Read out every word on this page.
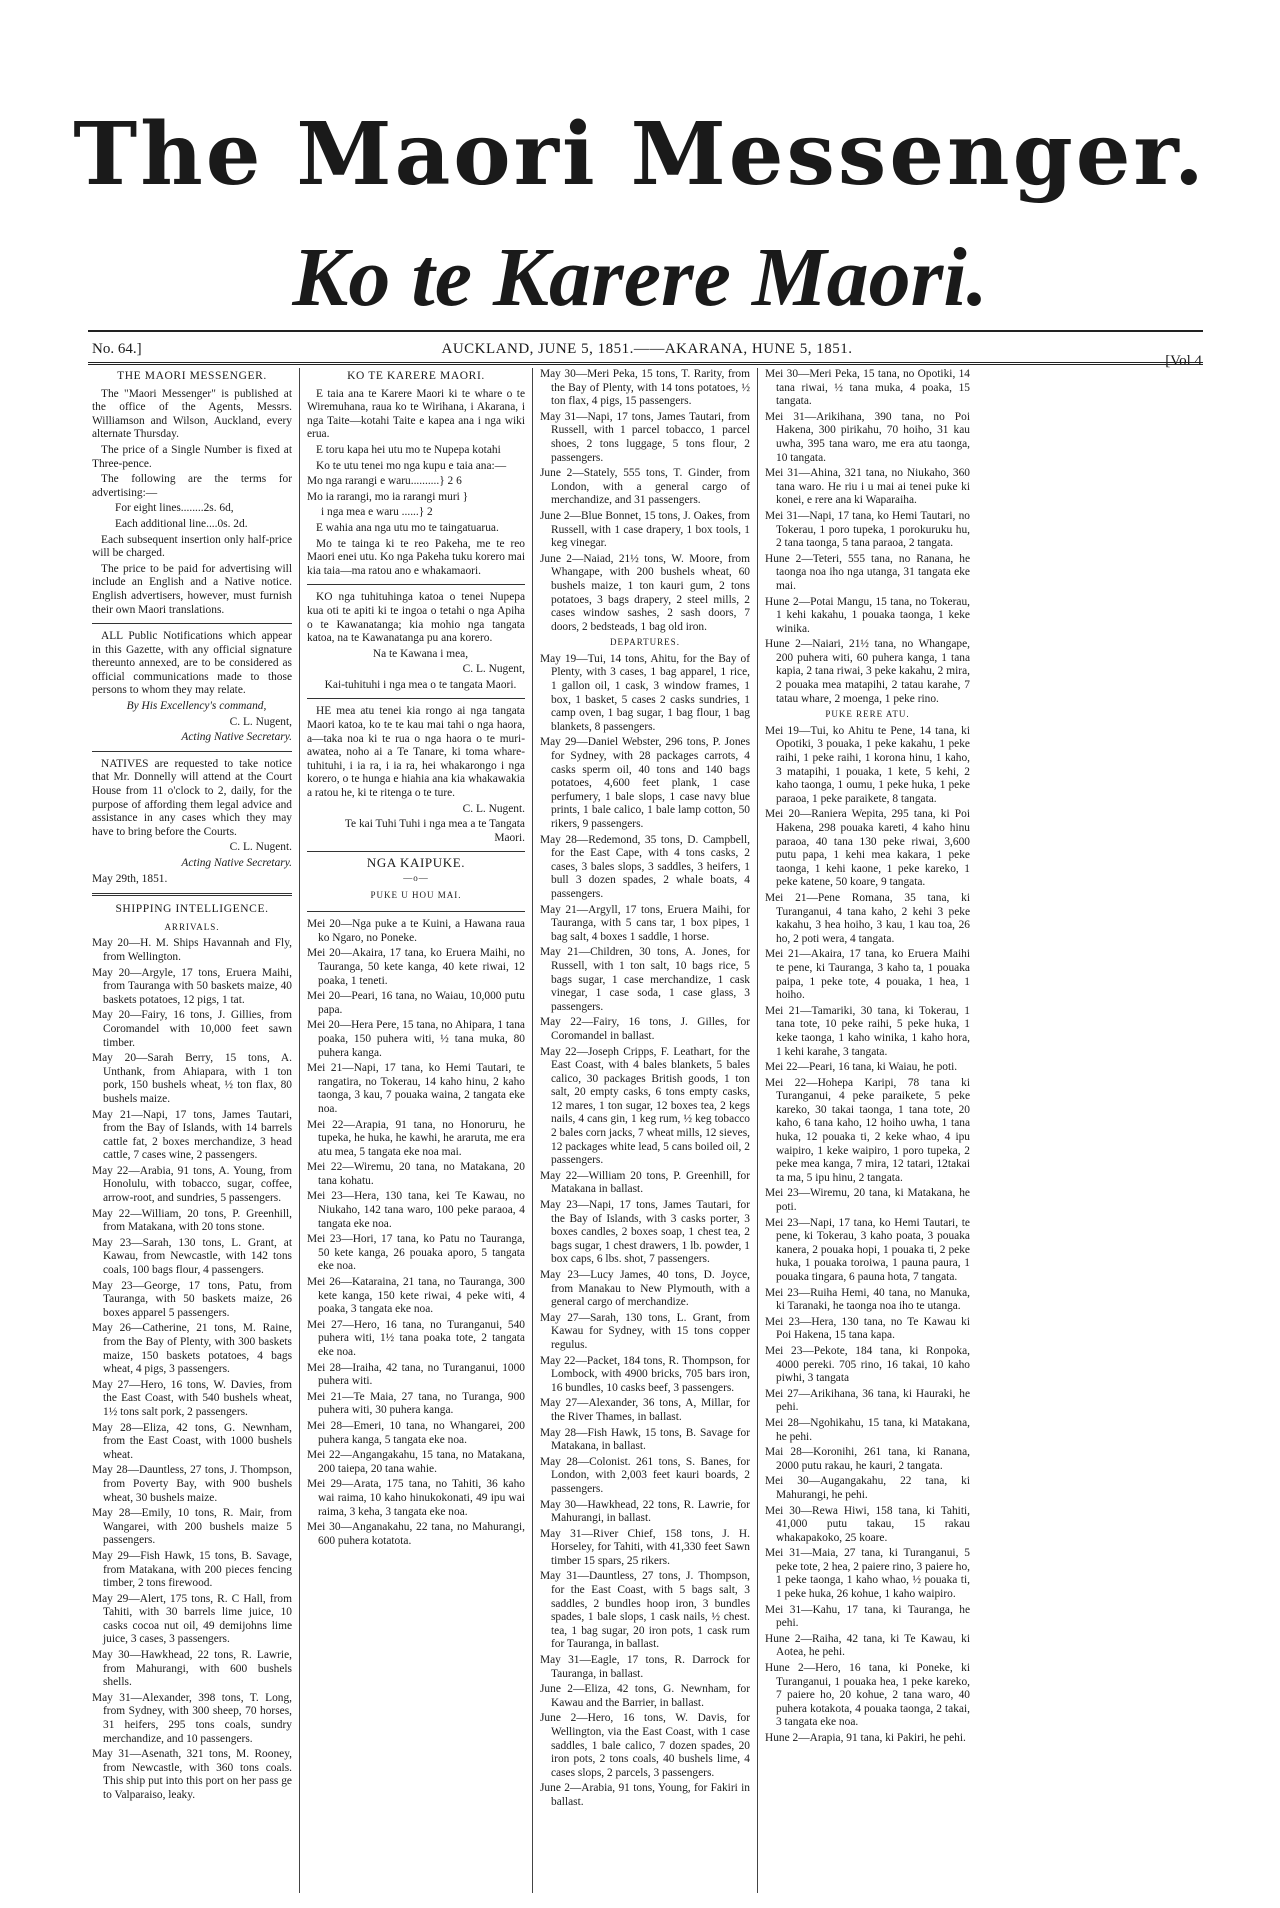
The Maori Messenger.
Ko te Karere Maori.
No. 64.]	AUCKLAND, JUNE 5, 1851.——AKARANA, HUNE 5, 1851.
[Vol 4
THE MAORI MESSENGER.

The "Maori Messenger" is published at the office of the Agents, Messrs. Williamson and Wilson, Auckland, every alternate Thursday.

The price of a Single Number is fixed at Three-pence.

The following are the terms for advertising:—

For eight lines........2s. 6d,

Each additional line....0s. 2d.

Each subsequent insertion only half-price will be charged.

The price to be paid for advertising will include an English and a Native notice. English advertisers, however, must furnish their own Maori translations.

ALL Public Notifications which appear in this Gazette, with any official signature thereunto annexed, are to be considered as official communications made to those persons to whom they may relate.

By His Excellency's command,

C. L. Nugent,

Acting Native Secretary.

NATIVES are requested to take notice that Mr. Donnelly will attend at the Court House from 11 o'clock to 2, daily, for the purpose of affording them legal advice and assistance in any cases which they may have to bring before the Courts.

C. L. Nugent.

Acting Native Secretary.

May 29th, 1851.

SHIPPING INTELLIGENCE.
ARRIVALS.

May 20—H. M. Ships Havannah and Fly, from Wellington.

May 20—Argyle, 17 tons, Eruera Maihi, from Tauranga with 50 baskets maize, 40 baskets potatoes, 12 pigs, 1 tat.

May 20—Fairy, 16 tons, J. Gillies, from Coromandel with 10,000 feet sawn timber.

May 20—Sarah Berry, 15 tons, A. Unthank, from Ahiapara, with 1 ton pork, 150 bushels wheat, ½ ton flax, 80 bushels maize.

May 21—Napi, 17 tons, James Tautari, from the Bay of Islands, with 14 barrels cattle fat, 2 boxes merchandize, 3 head cattle, 7 cases wine, 2 passengers.

May 22—Arabia, 91 tons, A. Young, from Honolulu, with tobacco, sugar, coffee, arrow-root, and sundries, 5 passengers.

May 22—William, 20 tons, P. Greenhill, from Matakana, with 20 tons stone.

May 23—Sarah, 130 tons, L. Grant, at Kawau, from Newcastle, with 142 tons coals, 100 bags flour, 4 passengers.

May 23—George, 17 tons, Patu, from Tauranga, with 50 baskets maize, 26 boxes apparel 5 passengers.

May 26—Catherine, 21 tons, M. Raine, from the Bay of Plenty, with 300 baskets maize, 150 baskets potatoes, 4 bags wheat, 4 pigs, 3 passengers.

May 27—Hero, 16 tons, W. Davies, from the East Coast, with 540 bushels wheat, 1½ tons salt pork, 2 passengers.

May 28—Eliza, 42 tons, G. Newnham, from the East Coast, with 1000 bushels wheat.

May 28—Dauntless, 27 tons, J. Thompson, from Poverty Bay, with 900 bushels wheat, 30 bushels maize.

May 28—Emily, 10 tons, R. Mair, from Wangarei, with 200 bushels maize 5 passengers.

May 29—Fish Hawk, 15 tons, B. Savage, from Matakana, with 200 pieces fencing timber, 2 tons firewood.

May 29—Alert, 175 tons, R. C Hall, from Tahiti, with 30 barrels lime juice, 10 casks cocoa nut oil, 49 demijohns lime juice, 3 cases, 3 passengers.

May 30—Hawkhead, 22 tons, R. Lawrie, from Mahurangi, with 600 bushels shells.

May 31—Alexander, 398 tons, T. Long, from Sydney, with 300 sheep, 70 horses, 31 heifers, 295 tons coals, sundry merchandize, and 10 passengers.

May 31—Asenath, 321 tons, M. Rooney, from Newcastle, with 360 tons coals. This ship put into this port on her pass ge to Valparaiso, leaky.

KO TE KARERE MAORI.

E taia ana te Karere Maori ki te whare o te Wiremuhana, raua ko te Wirihana, i Akarana, i nga Taite—kotahi Taite e kapea ana i nga wiki erua.

E toru kapa hei utu mo te Nupepa kotahi

Ko te utu tenei mo nga kupu e taia ana:—

Mo nga rarangi e waru..........} 2 6

Mo ia rarangi, mo ia rarangi muri }

i nga mea e waru ......} 2

E wahia ana nga utu mo te taingatuarua.

Mo te tainga ki te reo Pakeha, me te reo Maori enei utu. Ko nga Pakeha tuku korero mai kia taia—ma ratou ano e whakamaori.

KO nga tuhituhinga katoa o tenei Nupepa kua oti te apiti ki te ingoa o tetahi o nga Apiha o te Kawanatanga; kia mohio nga tangata katoa, na te Kawanatanga pu ana korero.

Na te Kawana i mea,

C. L. Nugent,

Kai-tuhituhi i nga mea o te tangata Maori.

HE mea atu tenei kia rongo ai nga tangata Maori katoa, ko te te kau mai tahi o nga haora, a—taka noa ki te rua o nga haora o te muri-awatea, noho ai a Te Tanare, ki toma whare-tuhituhi, i ia ra, i ia ra, hei whakarongo i nga korero, o te hunga e hiahia ana kia whakawakia a ratou he, ki te ritenga o te ture.

C. L. Nugent.

Te kai Tuhi Tuhi i nga mea a te Tangata Maori.

NGA KAIPUKE.
—o—
PUKE U HOU MAI.

Mei 20—Nga puke a te Kuini, a Hawana raua ko Ngaro, no Poneke.

Mei 20—Akaira, 17 tana, ko Eruera Maihi, no Tauranga, 50 kete kanga, 40 kete riwai, 12 poaka, 1 teneti.

Mei 20—Peari, 16 tana, no Waiau, 10,000 putu papa.

Mei 20—Hera Pere, 15 tana, no Ahipara, 1 tana poaka, 150 puhera witi, ½ tana muka, 80 puhera kanga.

Mei 21—Napi, 17 tana, ko Hemi Tautari, te rangatira, no Tokerau, 14 kaho hinu, 2 kaho taonga, 3 kau, 7 pouaka waina, 2 tangata eke noa.

Mei 22—Arapia, 91 tana, no Honoruru, he tupeka, he huka, he kawhi, he araruta, me era atu mea, 5 tangata eke noa mai.

Mei 22—Wiremu, 20 tana, no Matakana, 20 tana kohatu.

Mei 23—Hera, 130 tana, kei Te Kawau, no Niukaho, 142 tana waro, 100 peke paraoa, 4 tangata eke noa.

Mei 23—Hori, 17 tana, ko Patu no Tauranga, 50 kete kanga, 26 pouaka aporo, 5 tangata eke noa.

Mei 26—Kataraina, 21 tana, no Tauranga, 300 kete kanga, 150 kete riwai, 4 peke witi, 4 poaka, 3 tangata eke noa.

Mei 27—Hero, 16 tana, no Turanganui, 540 puhera witi, 1½ tana poaka tote, 2 tangata eke noa.

Mei 28—Iraiha, 42 tana, no Turanganui, 1000 puhera witi.

Mei 21—Te Maia, 27 tana, no Turanga, 900 puhera witi, 30 puhera kanga.

Mei 28—Emeri, 10 tana, no Whangarei, 200 puhera kanga, 5 tangata eke noa.

Mei 22—Angangakahu, 15 tana, no Matakana, 200 taiepa, 20 tana wahie.

Mei 29—Arata, 175 tana, no Tahiti, 36 kaho wai raima, 10 kaho hinukokonati, 49 ipu wai raima, 3 keha, 3 tangata eke noa.

Mei 30—Anganakahu, 22 tana, no Mahurangi, 600 puhera kotatota.

May 30—Meri Peka, 15 tons, T. Rarity, from the Bay of Plenty, with 14 tons potatoes, ½ ton flax, 4 pigs, 15 passengers.

May 31—Napi, 17 tons, James Tautari, from Russell, with 1 parcel tobacco, 1 parcel shoes, 2 tons luggage, 5 tons flour, 2 passengers.

June 2—Stately, 555 tons, T. Ginder, from London, with a general cargo of merchandize, and 31 passengers.

June 2—Blue Bonnet, 15 tons, J. Oakes, from Russell, with 1 case drapery, 1 box tools, 1 keg vinegar.

June 2—Naiad, 21½ tons, W. Moore, from Whangape, with 200 bushels wheat, 60 bushels maize, 1 ton kauri gum, 2 tons potatoes, 3 bags drapery, 2 steel mills, 2 cases window sashes, 2 sash doors, 7 doors, 2 bedsteads, 1 bag old iron.

DEPARTURES.

May 19—Tui, 14 tons, Ahitu, for the Bay of Plenty, with 3 cases, 1 bag apparel, 1 rice, 1 gallon oil, 1 cask, 3 window frames, 1 box, 1 basket, 5 cases 2 casks sundries, 1 camp oven, 1 bag sugar, 1 bag flour, 1 bag blankets, 8 passengers.

May 29—Daniel Webster, 296 tons, P. Jones for Sydney, with 28 packages carrots, 4 casks sperm oil, 40 tons and 140 bags potatoes, 4,600 feet plank, 1 case perfumery, 1 bale slops, 1 case navy blue prints, 1 bale calico, 1 bale lamp cotton, 50 rikers, 9 passengers.

May 28—Redemond, 35 tons, D. Campbell, for the East Cape, with 4 tons casks, 2 cases, 3 bales slops, 3 saddles, 3 heifers, 1 bull 3 dozen spades, 2 whale boats, 4 passengers.

May 21—Argyll, 17 tons, Eruera Maihi, for Tauranga, with 5 cans tar, 1 box pipes, 1 bag salt, 4 boxes 1 saddle, 1 horse.

May 21—Children, 30 tons, A. Jones, for Russell, with 1 ton salt, 10 bags rice, 5 bags sugar, 1 case merchandize, 1 cask vinegar, 1 case soda, 1 case glass, 3 passengers.

May 22—Fairy, 16 tons, J. Gilles, for Coromandel in ballast.

May 22—Joseph Cripps, F. Leathart, for the East Coast, with 4 bales blankets, 5 bales calico, 30 packages British goods, 1 ton salt, 20 empty casks, 6 tons empty casks, 12 mares, 1 ton sugar, 12 boxes tea, 2 kegs nails, 4 cans gin, 1 keg rum, ½ keg tobacco 2 bales corn jacks, 7 wheat mills, 12 sieves, 12 packages white lead, 5 cans boiled oil, 2 passengers.

May 22—William 20 tons, P. Greenhill, for Matakana in ballast.

May 23—Napi, 17 tons, James Tautari, for the Bay of Islands, with 3 casks porter, 3 boxes candles, 2 boxes soap, 1 chest tea, 2 bags sugar, 1 chest drawers, 1 lb. powder, 1 box caps, 6 lbs. shot, 7 passengers.

May 23—Lucy James, 40 tons, D. Joyce, from Manakau to New Plymouth, with a general cargo of merchandize.

May 27—Sarah, 130 tons, L. Grant, from Kawau for Sydney, with 15 tons copper regulus.

May 22—Packet, 184 tons, R. Thompson, for Lombock, with 4900 bricks, 705 bars iron, 16 bundles, 10 casks beef, 3 passengers.

May 27—Alexander, 36 tons, A, Millar, for the River Thames, in ballast.

May 28—Fish Hawk, 15 tons, B. Savage for Matakana, in ballast.

May 28—Colonist. 261 tons, S. Banes, for London, with 2,003 feet kauri boards, 2 passengers.

May 30—Hawkhead, 22 tons, R. Lawrie, for Mahurangi, in ballast.

May 31—River Chief, 158 tons, J. H. Horseley, for Tahiti, with 41,330 feet Sawn timber 15 spars, 25 rikers.

May 31—Dauntless, 27 tons, J. Thompson, for the East Coast, with 5 bags salt, 3 saddles, 2 bundles hoop iron, 3 bundles spades, 1 bale slops, 1 cask nails, ½ chest. tea, 1 bag sugar, 20 iron pots, 1 cask rum for Tauranga, in ballast.

May 31—Eagle, 17 tons, R. Darrock for Tauranga, in ballast.

June 2—Eliza, 42 tons, G. Newnham, for Kawau and the Barrier, in ballast.

June 2—Hero, 16 tons, W. Davis, for Wellington, via the East Coast, with 1 case saddles, 1 bale calico, 7 dozen spades, 20 iron pots, 2 tons coals, 40 bushels lime, 4 cases slops, 2 parcels, 3 passengers.

June 2—Arabia, 91 tons, Young, for Fakiri in ballast.

Mei 30—Meri Peka, 15 tana, no Opotiki, 14 tana riwai, ½ tana muka, 4 poaka, 15 tangata.

Mei 31—Arikihana, 390 tana, no Poi Hakena, 300 pirikahu, 70 hoiho, 31 kau uwha, 395 tana waro, me era atu taonga, 10 tangata.

Mei 31—Ahina, 321 tana, no Niukaho, 360 tana waro. He riu i u mai ai tenei puke ki konei, e rere ana ki Waparaiha.

Mei 31—Napi, 17 tana, ko Hemi Tautari, no Tokerau, 1 poro tupeka, 1 porokuruku hu, 2 tana taonga, 5 tana paraoa, 2 tangata.

Hune 2—Teteri, 555 tana, no Ranana, he taonga noa iho nga utanga, 31 tangata eke mai.

Hune 2—Potai Mangu, 15 tana, no Tokerau, 1 kehi kakahu, 1 pouaka taonga, 1 keke winika.

Hune 2—Naiari, 21½ tana, no Whangape, 200 puhera witi, 60 puhera kanga, 1 tana kapia, 2 tana riwai, 3 peke kakahu, 2 mira, 2 pouaka mea matapihi, 2 tatau karahe, 7 tatau whare, 2 moenga, 1 peke rino.

PUKE RERE ATU.

Mei 19—Tui, ko Ahitu te Pene, 14 tana, ki Opotiki, 3 pouaka, 1 peke kakahu, 1 peke raihi, 1 peke raihi, 1 korona hinu, 1 kaho, 3 matapihi, 1 pouaka, 1 kete, 5 kehi, 2 kaho taonga, 1 oumu, 1 peke huka, 1 peke paraoa, 1 peke paraikete, 8 tangata.

Mei 20—Raniera Wepita, 295 tana, ki Poi Hakena, 298 pouaka kareti, 4 kaho hinu paraoa, 40 tana 130 peke riwai, 3,600 putu papa, 1 kehi mea kakara, 1 peke taonga, 1 kehi kaone, 1 peke kareko, 1 peke katene, 50 koare, 9 tangata.

Mei 21—Pene Romana, 35 tana, ki Turanganui, 4 tana kaho, 2 kehi 3 peke kakahu, 3 hea hoiho, 3 kau, 1 kau toa, 26 ho, 2 poti wera, 4 tangata.

Mei 21—Akaira, 17 tana, ko Eruera Maihi te pene, ki Tauranga, 3 kaho ta, 1 pouaka paipa, 1 peke tote, 4 pouaka, 1 hea, 1 hoiho.

Mei 21—Tamariki, 30 tana, ki Tokerau, 1 tana tote, 10 peke raihi, 5 peke huka, 1 keke taonga, 1 kaho winika, 1 kaho hora, 1 kehi karahe, 3 tangata.

Mei 22—Peari, 16 tana, ki Waiau, he poti.

Mei 22—Hohepa Karipi, 78 tana ki Turanganui, 4 peke paraikete, 5 peke kareko, 30 takai taonga, 1 tana tote, 20 kaho, 6 tana kaho, 12 hoiho uwha, 1 tana huka, 12 pouaka ti, 2 keke whao, 4 ipu waipiro, 1 keke waipiro, 1 poro tupeka, 2 peke mea kanga, 7 mira, 12 tatari, 12takai ta ma, 5 ipu hinu, 2 tangata.

Mei 23—Wiremu, 20 tana, ki Matakana, he poti.

Mei 23—Napi, 17 tana, ko Hemi Tautari, te pene, ki Tokerau, 3 kaho poata, 3 pouaka kanera, 2 pouaka hopi, 1 pouaka ti, 2 peke huka, 1 pouaka toroiwa, 1 pauna paura, 1 pouaka tingara, 6 pauna hota, 7 tangata.

Mei 23—Ruiha Hemi, 40 tana, no Manuka, ki Taranaki, he taonga noa iho te utanga.

Mei 23—Hera, 130 tana, no Te Kawau ki Poi Hakena, 15 tana kapa.

Mei 23—Pekote, 184 tana, ki Ronpoka, 4000 pereki. 705 rino, 16 takai, 10 kaho piwhi, 3 tangata

Mei 27—Arikihana, 36 tana, ki Hauraki, he pehi.

Mei 28—Ngohikahu, 15 tana, ki Matakana, he pehi.

Mai 28—Koronihi, 261 tana, ki Ranana, 2000 putu rakau, he kauri, 2 tangata.

Mei 30—Augangakahu, 22 tana, ki Mahurangi, he pehi.

Mei 30—Rewa Hiwi, 158 tana, ki Tahiti, 41,000 putu takau, 15 rakau whakapakoko, 25 koare.

Mei 31—Maia, 27 tana, ki Turanganui, 5 peke tote, 2 hea, 2 paiere rino, 3 paiere ho, 1 peke taonga, 1 kaho whao, ½ pouaka ti, 1 peke huka, 26 kohue, 1 kaho waipiro.

Mei 31—Kahu, 17 tana, ki Tauranga, he pehi.

Hune 2—Raiha, 42 tana, ki Te Kawau, ki Aotea, he pehi.

Hune 2—Hero, 16 tana, ki Poneke, ki Turanganui, 1 pouaka hea, 1 peke kareko, 7 paiere ho, 20 kohue, 2 tana waro, 40 puhera kotakota, 4 pouaka taonga, 2 takai, 3 tangata eke noa.

Hune 2—Arapia, 91 tana, ki Pakiri, he pehi.
